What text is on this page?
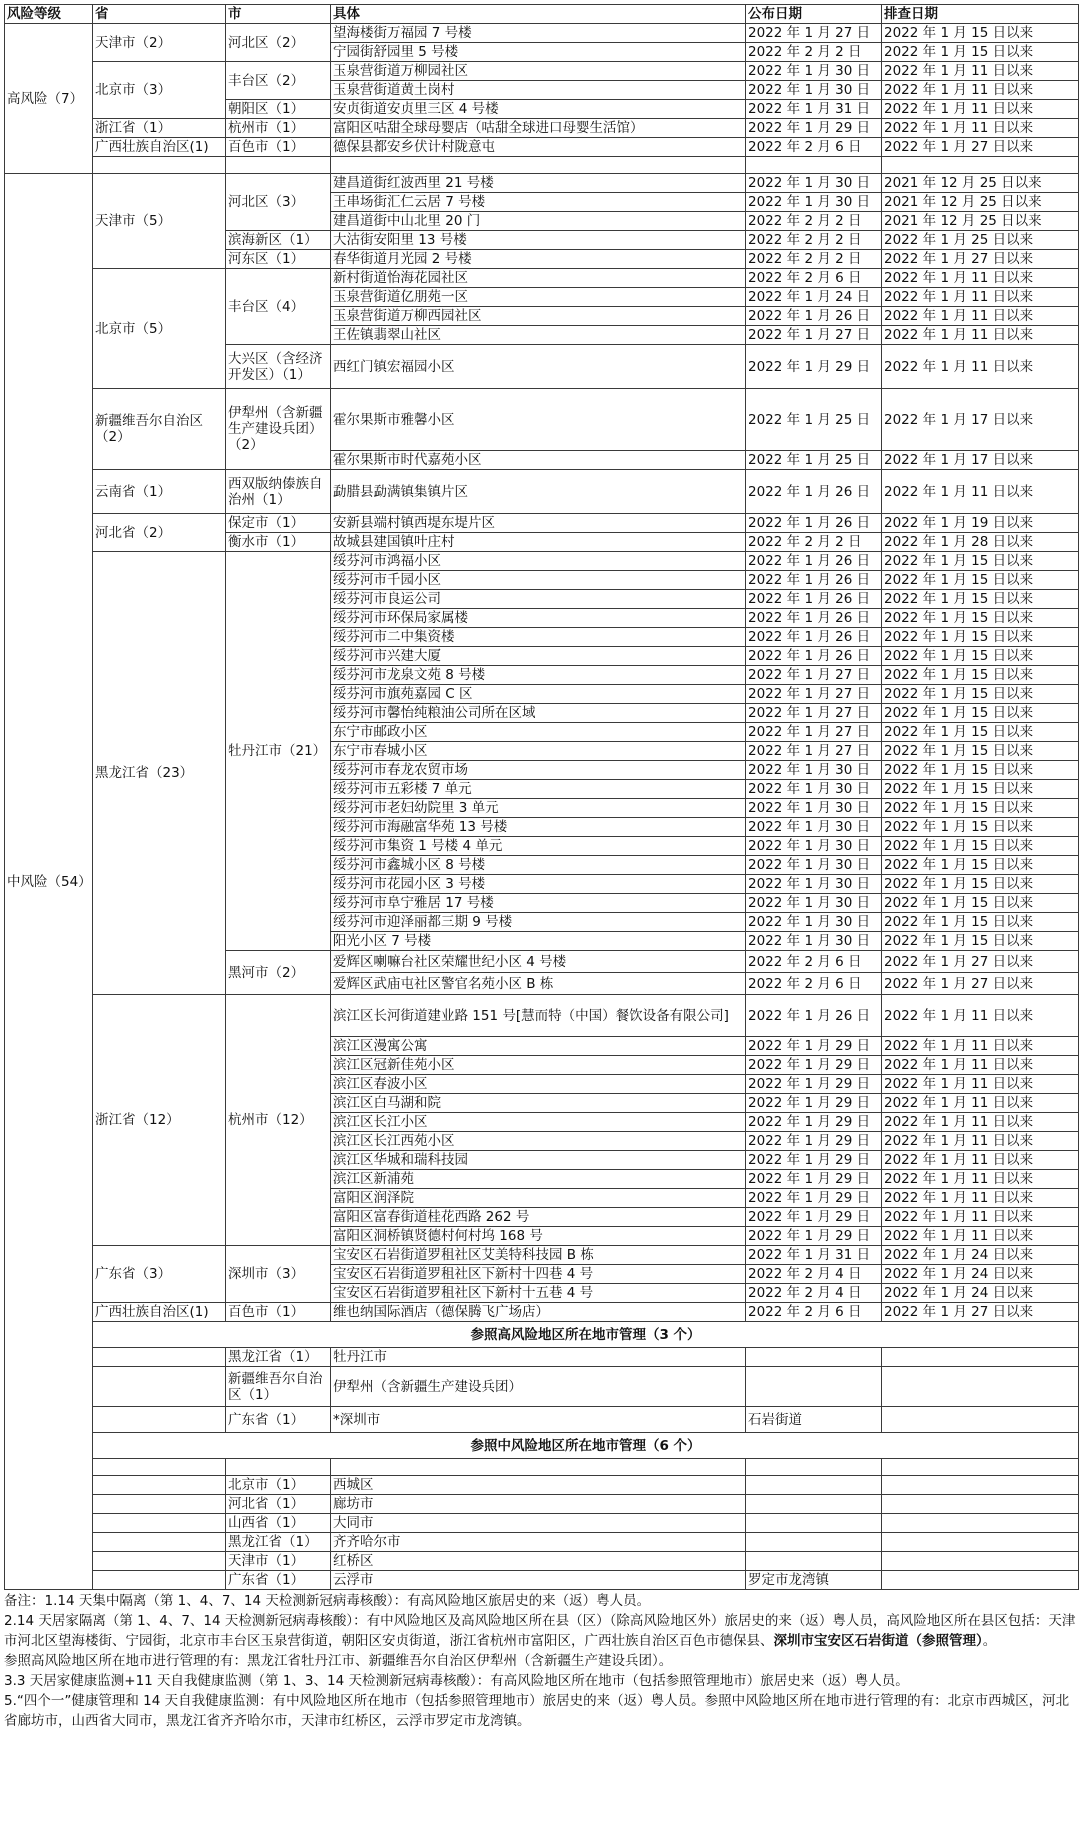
风险等级	省	市	具体	公布日期	排查日期	
高风险（7）	天津市（2）	河北区（2）	望海楼街万福园 7 号楼	2022 年 1 月 27 日	2022 年 1 月 15 日以来	
			宁园街舒园里 5 号楼	2022 年 2 月 2 日	2022 年 1 月 15 日以来	
	北京市（3）	丰台区（2）	玉泉营街道万柳园社区	2022 年 1 月 30 日	2022 年 1 月 11 日以来	
			玉泉营街道黄土岗村	2022 年 1 月 30 日	2022 年 1 月 11 日以来	
		朝阳区（1）	安贞街道安贞里三区 4 号楼	2022 年 1 月 31 日	2022 年 1 月 11 日以来	
	浙江省（1）	杭州市（1）	富阳区咕甜全球母婴店（咕甜全球进口母婴生活馆）	2022 年 1 月 29 日	2022 年 1 月 11 日以来	
	广西壮族自治区(1)	百色市（1）	德保县都安乡伏计村陇意屯	2022 年 2 月 6 日	2022 年 1 月 27 日以来	

中风险（54）	天津市（5）	河北区（3）	建昌道街红波西里 21 号楼	2022 年 1 月 30 日	2021 年 12 月 25 日以来	
			王串场街汇仁云居 7 号楼	2022 年 1 月 30 日	2021 年 12 月 25 日以来	
			建昌道街中山北里 20 门	2022 年 2 月 2 日	2021 年 12 月 25 日以来	
		滨海新区（1）	大沽街安阳里 13 号楼	2022 年 2 月 2 日	2022 年 1 月 25 日以来	
		河东区（1）	春华街道月光园 2 号楼	2022 年 2 月 2 日	2022 年 1 月 27 日以来	
	北京市（5）	丰台区（4）	新村街道怡海花园社区	2022 年 2 月 6 日	2022 年 1 月 11 日以来	
			玉泉营街道亿朋苑一区	2022 年 1 月 24 日	2022 年 1 月 11 日以来	
			玉泉营街道万柳西园社区	2022 年 1 月 26 日	2022 年 1 月 11 日以来	
			王佐镇翡翠山社区	2022 年 1 月 27 日	2022 年 1 月 11 日以来	
		大兴区（含经济开发区）（1）	西红门镇宏福园小区	2022 年 1 月 29 日	2022 年 1 月 11 日以来	
	新疆维吾尔自治区（2）	伊犁州（含新疆生产建设兵团）（2）	霍尔果斯市雅馨小区	2022 年 1 月 25 日	2022 年 1 月 17 日以来	
			霍尔果斯市时代嘉苑小区	2022 年 1 月 25 日	2022 年 1 月 17 日以来	
	云南省（1）	西双版纳傣族自治州（1）	勐腊县勐满镇集镇片区	2022 年 1 月 26 日	2022 年 1 月 11 日以来	
	河北省（2）	保定市（1）	安新县端村镇西堤东堤片区	2022 年 1 月 26 日	2022 年 1 月 19 日以来	
		衡水市（1）	故城县建国镇叶庄村	2022 年 2 月 2 日	2022 年 1 月 28 日以来	
	黑龙江省（23）	牡丹江市（21）	绥芬河市鸿福小区	2022 年 1 月 26 日	2022 年 1 月 15 日以来	
			绥芬河市千园小区	2022 年 1 月 26 日	2022 年 1 月 15 日以来	
			绥芬河市良运公司	2022 年 1 月 26 日	2022 年 1 月 15 日以来	
			绥芬河市环保局家属楼	2022 年 1 月 26 日	2022 年 1 月 15 日以来	
			绥芬河市二中集资楼	2022 年 1 月 26 日	2022 年 1 月 15 日以来	
			绥芬河市兴建大厦	2022 年 1 月 26 日	2022 年 1 月 15 日以来	
			绥芬河市龙泉文苑 8 号楼	2022 年 1 月 27 日	2022 年 1 月 15 日以来	
			绥芬河市旗苑嘉园 C 区	2022 年 1 月 27 日	2022 年 1 月 15 日以来	
			绥芬河市馨怡纯粮油公司所在区域	2022 年 1 月 27 日	2022 年 1 月 15 日以来	
			东宁市邮政小区	2022 年 1 月 27 日	2022 年 1 月 15 日以来	
			东宁市春城小区	2022 年 1 月 27 日	2022 年 1 月 15 日以来	
			绥芬河市春龙农贸市场	2022 年 1 月 30 日	2022 年 1 月 15 日以来	
			绥芬河市五彩楼 7 单元	2022 年 1 月 30 日	2022 年 1 月 15 日以来	
			绥芬河市老妇幼院里 3 单元	2022 年 1 月 30 日	2022 年 1 月 15 日以来	
			绥芬河市海融富华苑 13 号楼	2022 年 1 月 30 日	2022 年 1 月 15 日以来	
			绥芬河市集资 1 号楼 4 单元	2022 年 1 月 30 日	2022 年 1 月 15 日以来	
			绥芬河市鑫城小区 8 号楼	2022 年 1 月 30 日	2022 年 1 月 15 日以来	
			绥芬河市花园小区 3 号楼	2022 年 1 月 30 日	2022 年 1 月 15 日以来	
			绥芬河市阜宁雅居 17 号楼	2022 年 1 月 30 日	2022 年 1 月 15 日以来	
			绥芬河市迎泽丽都三期 9 号楼	2022 年 1 月 30 日	2022 年 1 月 15 日以来	
			阳光小区 7 号楼	2022 年 1 月 30 日	2022 年 1 月 15 日以来	
		黑河市（2）	爱辉区喇嘛台社区荣耀世纪小区 4 号楼	2022 年 2 月 6 日	2022 年 1 月 27 日以来	
			爱辉区武庙屯社区警官名苑小区 B 栋	2022 年 2 月 6 日	2022 年 1 月 27 日以来	
	浙江省（12）	杭州市（12）	滨江区长河街道建业路 151 号[慧而特（中国）餐饮设备有限公司]	2022 年 1 月 26 日	2022 年 1 月 11 日以来	
			滨江区漫寓公寓	2022 年 1 月 29 日	2022 年 1 月 11 日以来	
			滨江区冠新佳苑小区	2022 年 1 月 29 日	2022 年 1 月 11 日以来	
			滨江区春波小区	2022 年 1 月 29 日	2022 年 1 月 11 日以来	
			滨江区白马湖和院	2022 年 1 月 29 日	2022 年 1 月 11 日以来	
			滨江区长江小区	2022 年 1 月 29 日	2022 年 1 月 11 日以来	
			滨江区长江西苑小区	2022 年 1 月 29 日	2022 年 1 月 11 日以来	
			滨江区华城和瑞科技园	2022 年 1 月 29 日	2022 年 1 月 11 日以来	
			滨江区新浦苑	2022 年 1 月 29 日	2022 年 1 月 11 日以来	
			富阳区润泽院	2022 年 1 月 29 日	2022 年 1 月 11 日以来	
			富阳区富春街道桂花西路 262 号	2022 年 1 月 29 日	2022 年 1 月 11 日以来	
			富阳区洞桥镇贤德村何村坞 168 号	2022 年 1 月 29 日	2022 年 1 月 11 日以来	
	广东省（3）	深圳市（3）	宝安区石岩街道罗租社区艾美特科技园 B 栋	2022 年 1 月 31 日	2022 年 1 月 24 日以来	
			宝安区石岩街道罗租社区下新村十四巷 4 号	2022 年 2 月 4 日	2022 年 1 月 24 日以来	
			宝安区石岩街道罗租社区下新村十五巷 4 号	2022 年 2 月 4 日	2022 年 1 月 24 日以来	
	广西壮族自治区(1)	百色市（1）	维也纳国际酒店（德保腾飞广场店）	2022 年 2 月 6 日	2022 年 1 月 27 日以来	
	参照高风险地区所在地市管理（3 个）					
		黑龙江省（1）	牡丹江市			
		新疆维吾尔自治区（1）	伊犁州（含新疆生产建设兵团）			
		广东省（1）	*深圳市	石岩街道		
	参照中风险地区所在地市管理（6 个）					

		北京市（1）	西城区			
		河北省（1）	廊坊市			
		山西省（1）	大同市			
		黑龙江省（1）	齐齐哈尔市			
		天津市（1）	红桥区			
		广东省（1）	云浮市	罗定市龙湾镇		

备注：1.14 天集中隔离（第 1、4、7、14 天检测新冠病毒核酸）：有高风险地区旅居史的来（返）粤人员。

2.14 天居家隔离（第 1、4、7、14 天检测新冠病毒核酸）：有中风险地区及高风险地区所在县（区）（除高风险地区外）旅居史的来（返）粤人员，高风险地区所在县区包括：天津市河北区望海楼街、宁园街，北京市丰台区玉泉营街道，朝阳区安贞街道，浙江省杭州市富阳区，广西壮族自治区百色市德保县、深圳市宝安区石岩街道（参照管理）。

参照高风险地区所在地市进行管理的有：黑龙江省牡丹江市、新疆维吾尔自治区伊犁州（含新疆生产建设兵团）。

3.3 天居家健康监测+11 天自我健康监测（第 1、3、14 天检测新冠病毒核酸）：有高风险地区所在地市（包括参照管理地市）旅居史来（返）粤人员。

5.“四个一”健康管理和 14 天自我健康监测：有中风险地区所在地市（包括参照管理地市）旅居史的来（返）粤人员。参照中风险地区所在地市进行管理的有：北京市西城区，河北省廊坊市，山西省大同市，黑龙江省齐齐哈尔市，天津市红桥区，云浮市罗定市龙湾镇。
